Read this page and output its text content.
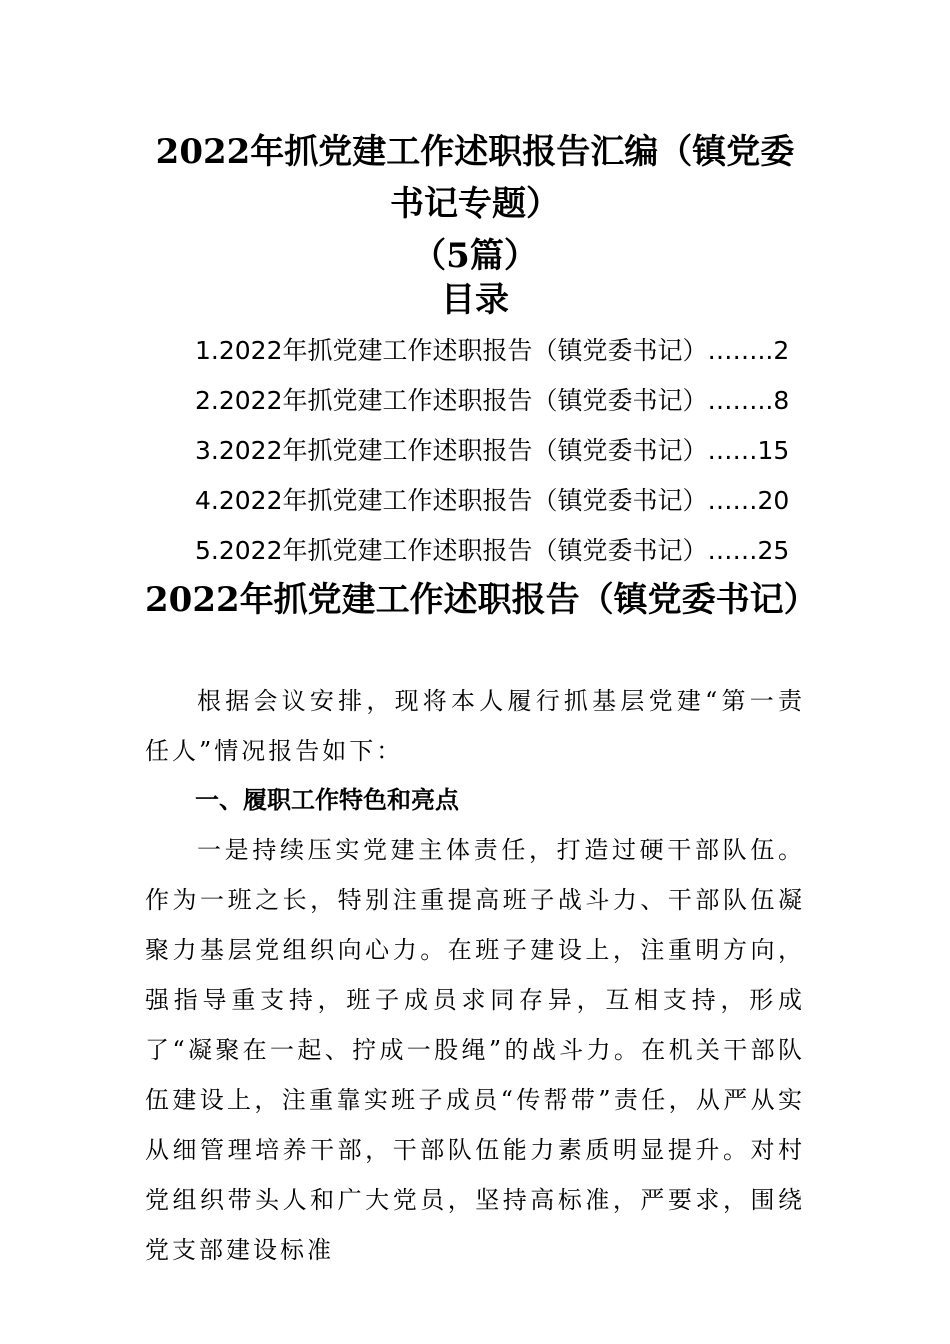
2022年抓党建工作述职报告汇编（镇党委书记专题）
（5篇）
目录
1.2022年抓党建工作述职报告（镇党委书记）……..2
2.2022年抓党建工作述职报告（镇党委书记）……..8
3.2022年抓党建工作述职报告（镇党委书记）……15
4.2022年抓党建工作述职报告（镇党委书记）……20
5.2022年抓党建工作述职报告（镇党委书记）……25
2022年抓党建工作述职报告（镇党委书记）

根据会议安排，现将本人履行抓基层党建“第一责任人”情况报告如下：

一、履职工作特色和亮点

一是持续压实党建主体责任，打造过硬干部队伍。作为一班之长，特别注重提高班子战斗力、干部队伍凝聚力基层党组织向心力。在班子建设上，注重明方向，强指导重支持，班子成员求同存异，互相支持，形成了“凝聚在一起、拧成一股绳”的战斗力。在机关干部队伍建设上，注重靠实班子成员“传帮带”责任，从严从实从细管理培养干部，干部队伍能力素质明显提升。对村党组织带头人和广大党员，坚持高标准，严要求，围绕党支部建设标准
